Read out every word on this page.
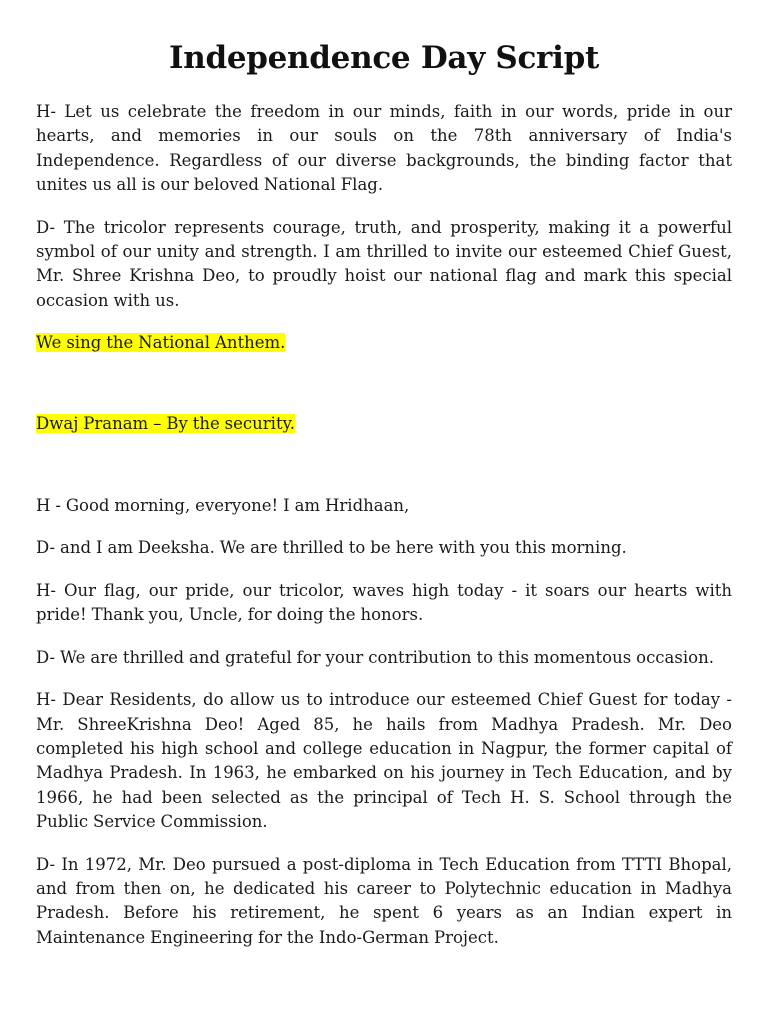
Independence Day Script

H- Let us celebrate the freedom in our minds, faith in our words, pride in our hearts, and memories in our souls on the 78th anniversary of India's Independence. Regardless of our diverse backgrounds, the binding factor that unites us all is our beloved National Flag.

D- The tricolor represents courage, truth, and prosperity, making it a powerful symbol of our unity and strength. I am thrilled to invite our esteemed Chief Guest, Mr. Shree Krishna Deo, to proudly hoist our national flag and mark this special occasion with us.

We sing the National Anthem.

Dwaj Pranam – By the security.

H - Good morning, everyone! I am Hridhaan,

D- and I am Deeksha. We are thrilled to be here with you this morning.

H- Our flag, our pride, our tricolor, waves high today - it soars our hearts with pride! Thank you, Uncle, for doing the honors.

D- We are thrilled and grateful for your contribution to this momentous occasion.

H- Dear Residents, do allow us to introduce our esteemed Chief Guest for today - Mr. ShreeKrishna Deo! Aged 85, he hails from Madhya Pradesh. Mr. Deo completed his high school and college education in Nagpur, the former capital of Madhya Pradesh. In 1963, he embarked on his journey in Tech Education, and by 1966, he had been selected as the principal of Tech H. S. School through the Public Service Commission.

D- In 1972, Mr. Deo pursued a post-diploma in Tech Education from TTTI Bhopal, and from then on, he dedicated his career to Polytechnic education in Madhya Pradesh. Before his retirement, he spent 6 years as an Indian expert in Maintenance Engineering for the Indo-German Project.
